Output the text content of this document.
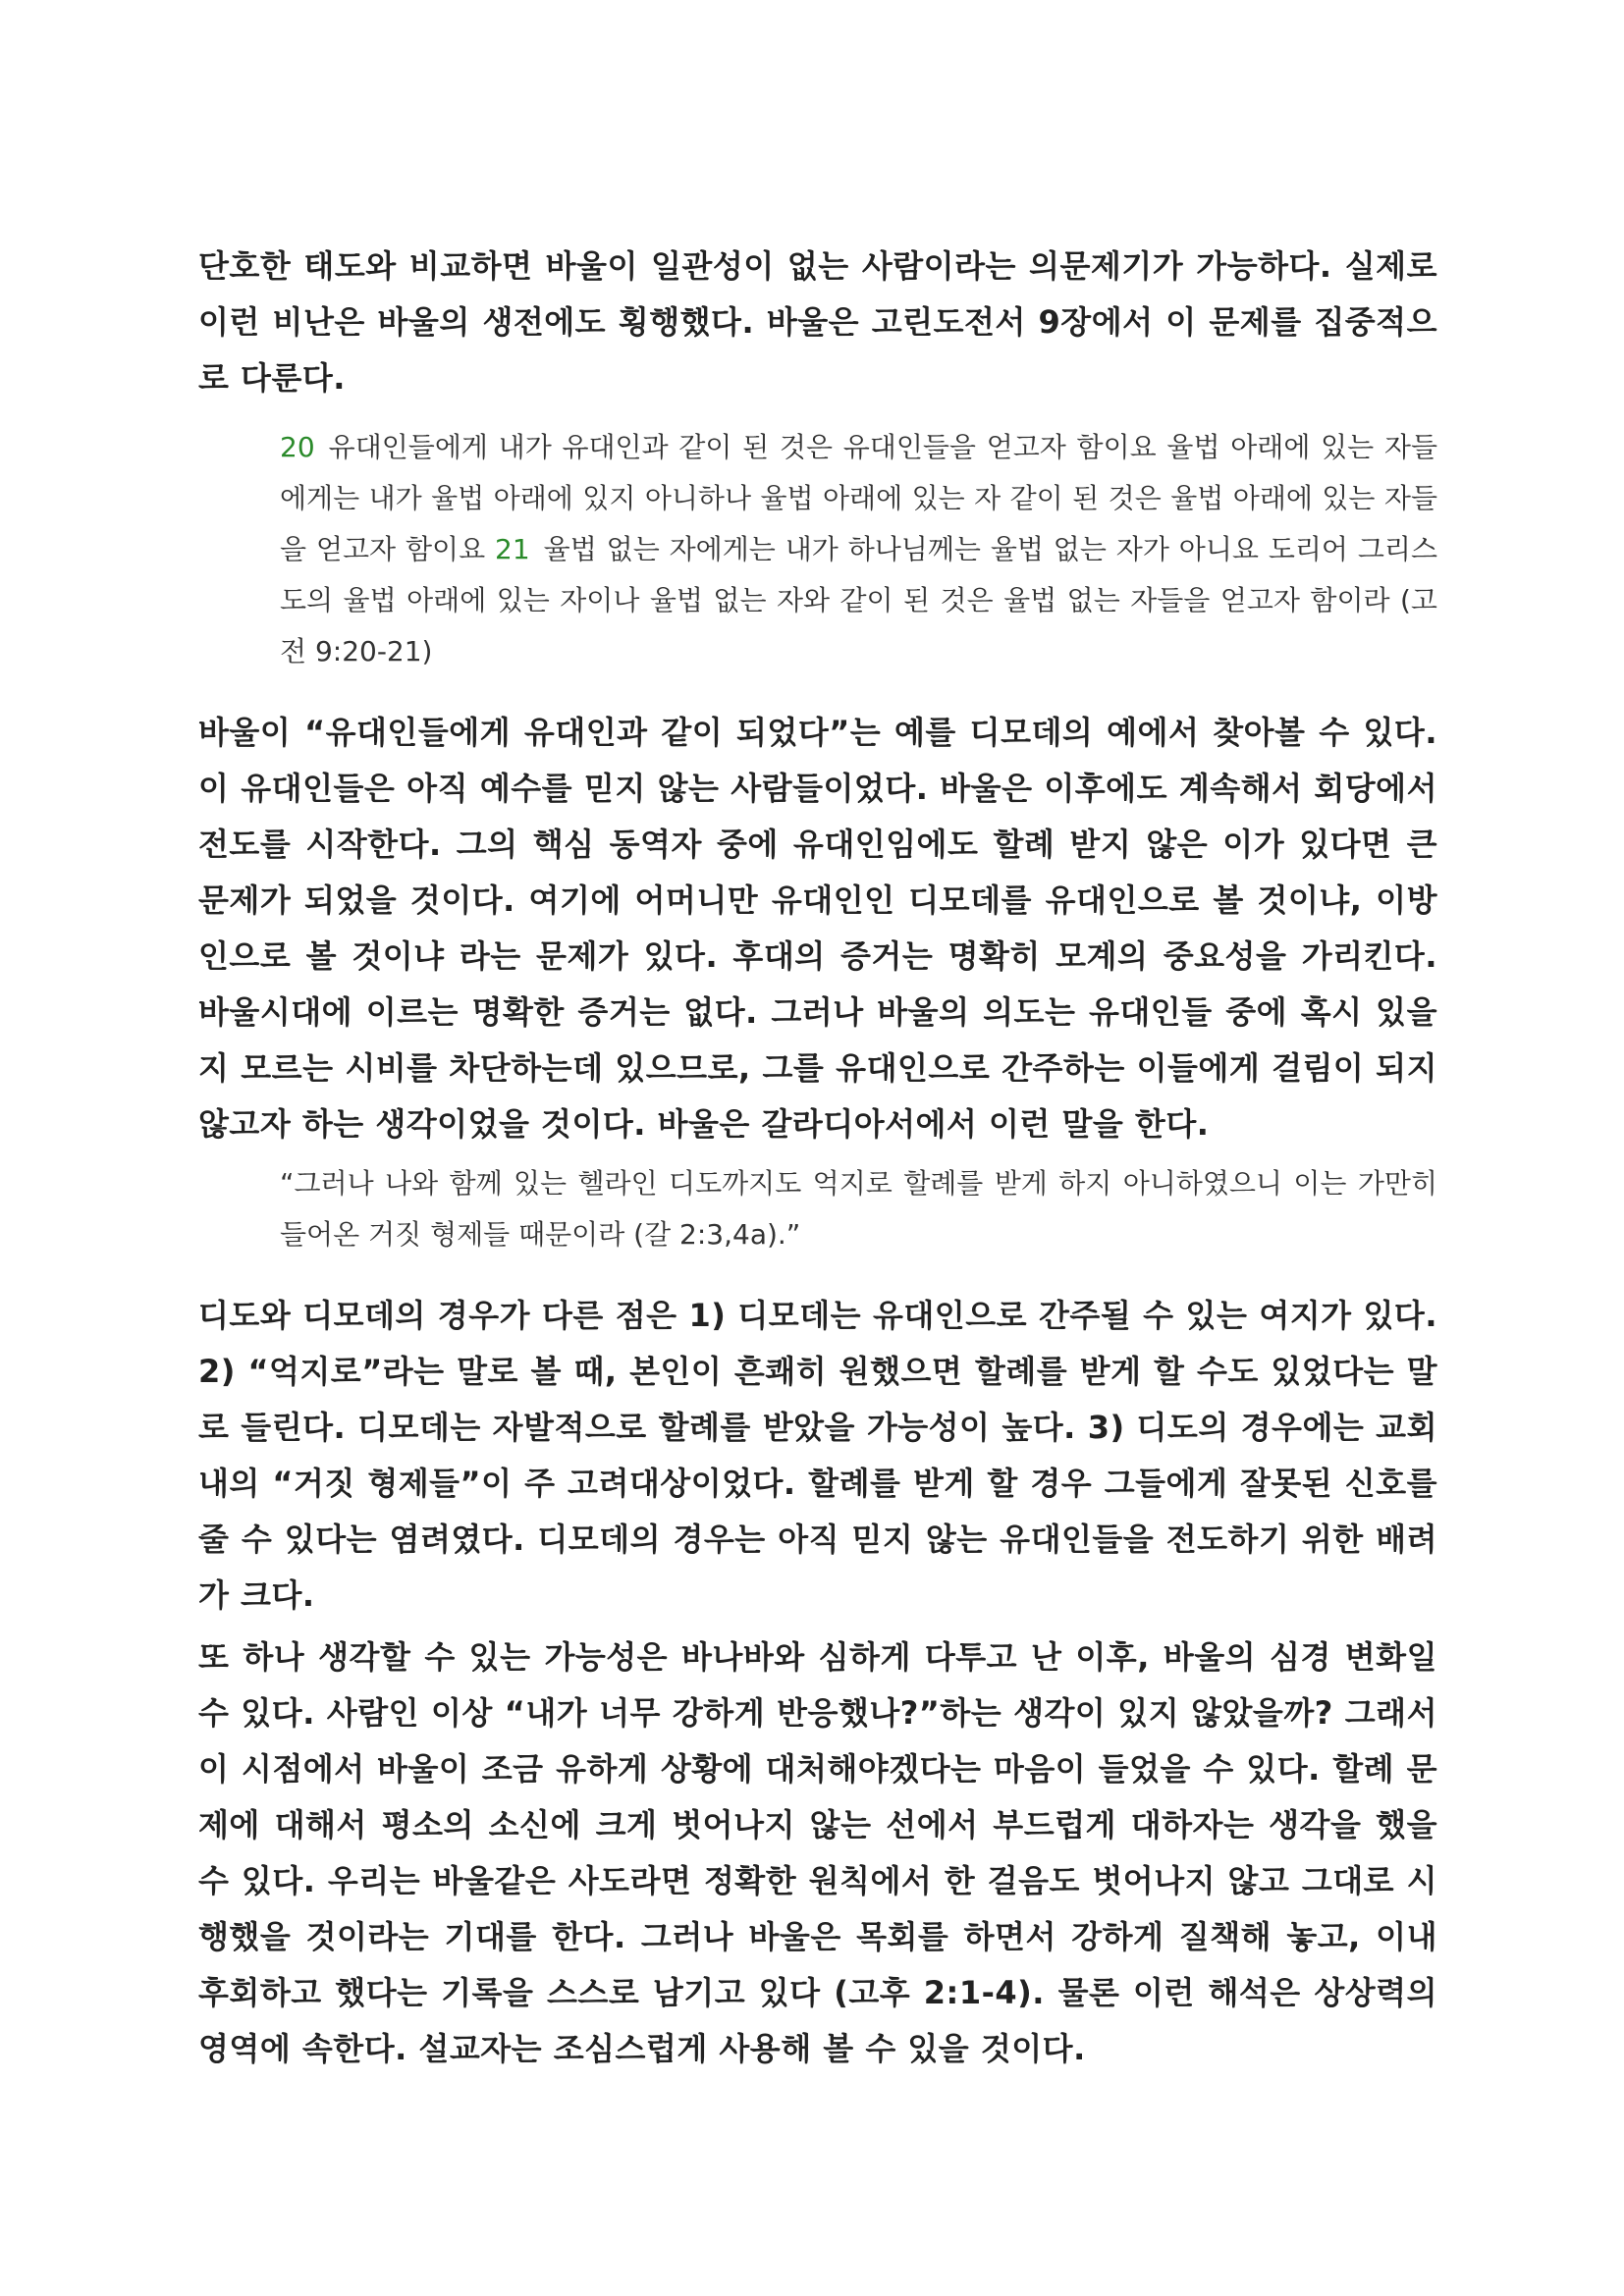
단호한 태도와 비교하면 바울이 일관성이 없는 사람이라는 의문제기가 가능하다. 실제로 이런 비난은 바울의 생전에도 횡행했다. 바울은 고린도전서 9장에서 이 문제를 집중적으로 다룬다.

20 유대인들에게 내가 유대인과 같이 된 것은 유대인들을 얻고자 함이요 율법 아래에 있는 자들에게는 내가 율법 아래에 있지 아니하나 율법 아래에 있는 자 같이 된 것은 율법 아래에 있는 자들을 얻고자 함이요 21 율법 없는 자에게는 내가 하나님께는 율법 없는 자가 아니요 도리어 그리스도의 율법 아래에 있는 자이나 율법 없는 자와 같이 된 것은 율법 없는 자들을 얻고자 함이라 (고전 9:20-21)

바울이 “유대인들에게 유대인과 같이 되었다”는 예를 디모데의 예에서 찾아볼 수 있다. 이 유대인들은 아직 예수를 믿지 않는 사람들이었다. 바울은 이후에도 계속해서 회당에서 전도를 시작한다. 그의 핵심 동역자 중에 유대인임에도 할례 받지 않은 이가 있다면 큰 문제가 되었을 것이다. 여기에 어머니만 유대인인 디모데를 유대인으로 볼 것이냐, 이방인으로 볼 것이냐 라는 문제가 있다. 후대의 증거는 명확히 모계의 중요성을 가리킨다. 바울시대에 이르는 명확한 증거는 없다. 그러나 바울의 의도는 유대인들 중에 혹시 있을지 모르는 시비를 차단하는데 있으므로, 그를 유대인으로 간주하는 이들에게 걸림이 되지 않고자 하는 생각이었을 것이다. 바울은 갈라디아서에서 이런 말을 한다.

“그러나 나와 함께 있는 헬라인 디도까지도 억지로 할례를 받게 하지 아니하였으니 이는 가만히 들어온 거짓 형제들 때문이라 (갈 2:3,4a).”

디도와 디모데의 경우가 다른 점은 1) 디모데는 유대인으로 간주될 수 있는 여지가 있다. 2) “억지로”라는 말로 볼 때, 본인이 흔쾌히 원했으면 할례를 받게 할 수도 있었다는 말로 들린다. 디모데는 자발적으로 할례를 받았을 가능성이 높다. 3) 디도의 경우에는 교회 내의 “거짓 형제들”이 주 고려대상이었다. 할례를 받게 할 경우 그들에게 잘못된 신호를 줄 수 있다는 염려였다. 디모데의 경우는 아직 믿지 않는 유대인들을 전도하기 위한 배려가 크다.

또 하나 생각할 수 있는 가능성은 바나바와 심하게 다투고 난 이후, 바울의 심경 변화일 수 있다. 사람인 이상 “내가 너무 강하게 반응했나?”하는 생각이 있지 않았을까? 그래서 이 시점에서 바울이 조금 유하게 상황에 대처해야겠다는 마음이 들었을 수 있다. 할례 문제에 대해서 평소의 소신에 크게 벗어나지 않는 선에서 부드럽게 대하자는 생각을 했을 수 있다. 우리는 바울같은 사도라면 정확한 원칙에서 한 걸음도 벗어나지 않고 그대로 시행했을 것이라는 기대를 한다. 그러나 바울은 목회를 하면서 강하게 질책해 놓고, 이내 후회하고 했다는 기록을 스스로 남기고 있다 (고후 2:1-4). 물론 이런 해석은 상상력의 영역에 속한다. 설교자는 조심스럽게 사용해 볼 수 있을 것이다.
